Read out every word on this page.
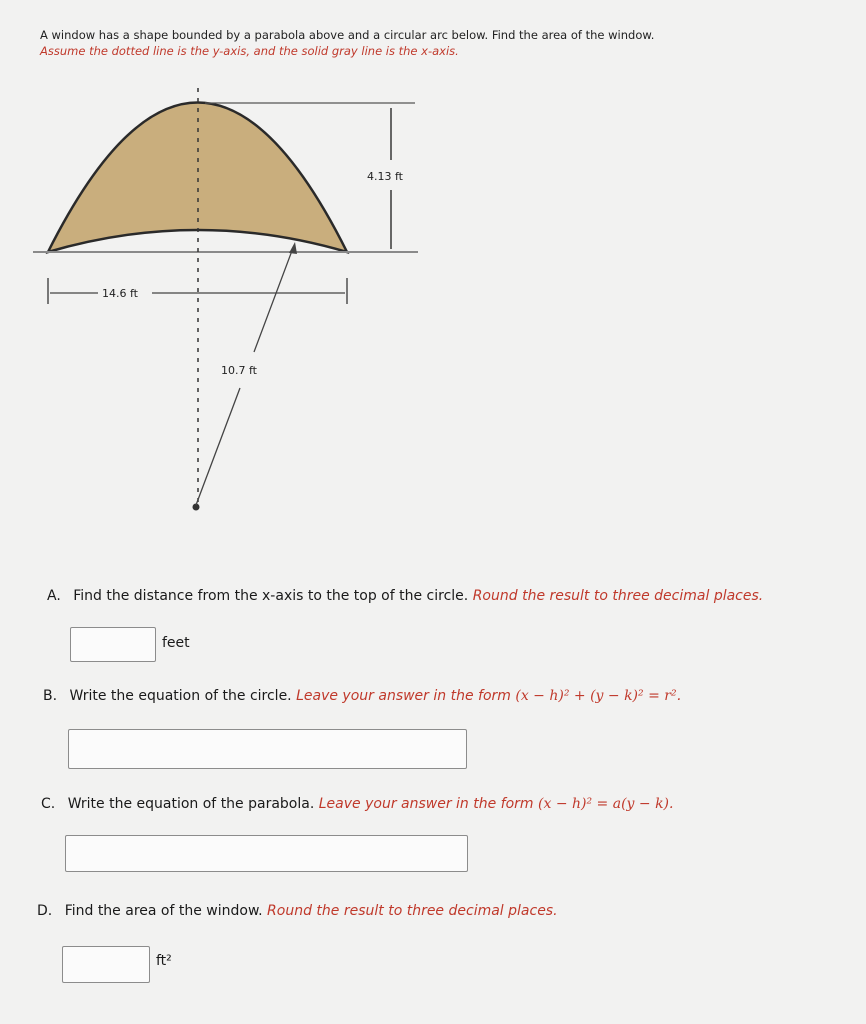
A window has a shape bounded by a parabola above and a circular arc below. Find the area of the window.
Assume the dotted line is the y-axis, and the solid gray line is the x-axis.
4.13 ft
14.6 ft
10.7 ft
A. Find the distance from the x-axis to the top of the circle. Round the result to three decimal places.
feet
B. Write the equation of the circle. Leave your answer in the form (x − h)² + (y − k)² = r².
C. Write the equation of the parabola. Leave your answer in the form (x − h)² = a(y − k).
D. Find the area of the window. Round the result to three decimal places.
ft²
